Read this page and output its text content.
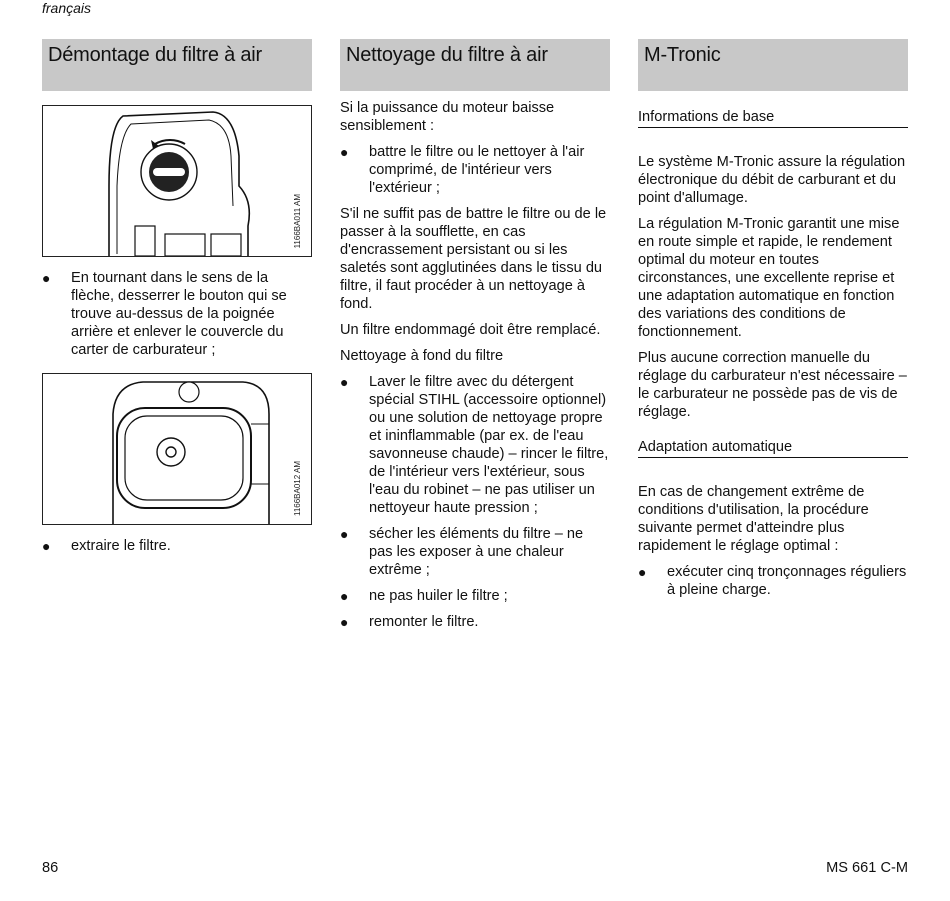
français
Démontage du filtre à air
1166BA011 AM
● En tournant dans le sens de la flèche, desserrer le bouton qui se trouve au-dessus de la poignée arrière et enlever le couvercle du carter de carburateur ;
1166BA012 AM
● extraire le filtre.
Nettoyage du filtre à air

Si la puissance du moteur baisse sensiblement :

● battre le filtre ou le nettoyer à l'air comprimé, de l'intérieur vers l'extérieur ;

S'il ne suffit pas de battre le filtre ou de le passer à la soufflette, en cas d'encrassement persistant ou si les saletés sont agglutinées dans le tissu du filtre, il faut procéder à un nettoyage à fond.

Un filtre endommagé doit être remplacé.

Nettoyage à fond du filtre

● Laver le filtre avec du détergent spécial STIHL (accessoire optionnel) ou une solution de nettoyage propre et ininflammable (par ex. de l'eau savonneuse chaude) – rincer le filtre, de l'intérieur vers l'extérieur, sous l'eau du robinet – ne pas utiliser un nettoyeur haute pression ;
● sécher les éléments du filtre – ne pas les exposer à une chaleur extrême ;
● ne pas huiler le filtre ;
● remonter le filtre.
M-Tronic
Informations de base

Le système M-Tronic assure la régulation électronique du débit de carburant et du point d'allumage.

La régulation M-Tronic garantit une mise en route simple et rapide, le rendement optimal du moteur en toutes circonstances, une excellente reprise et une adaptation automatique en fonction des variations des conditions de fonctionnement.

Plus aucune correction manuelle du réglage du carburateur n'est nécessaire – le carburateur ne possède pas de vis de réglage.

Adaptation automatique

En cas de changement extrême de conditions d'utilisation, la procédure suivante permet d'atteindre plus rapidement le réglage optimal :

● exécuter cinq tronçonnages réguliers à pleine charge.
86	MS 661 C-M
